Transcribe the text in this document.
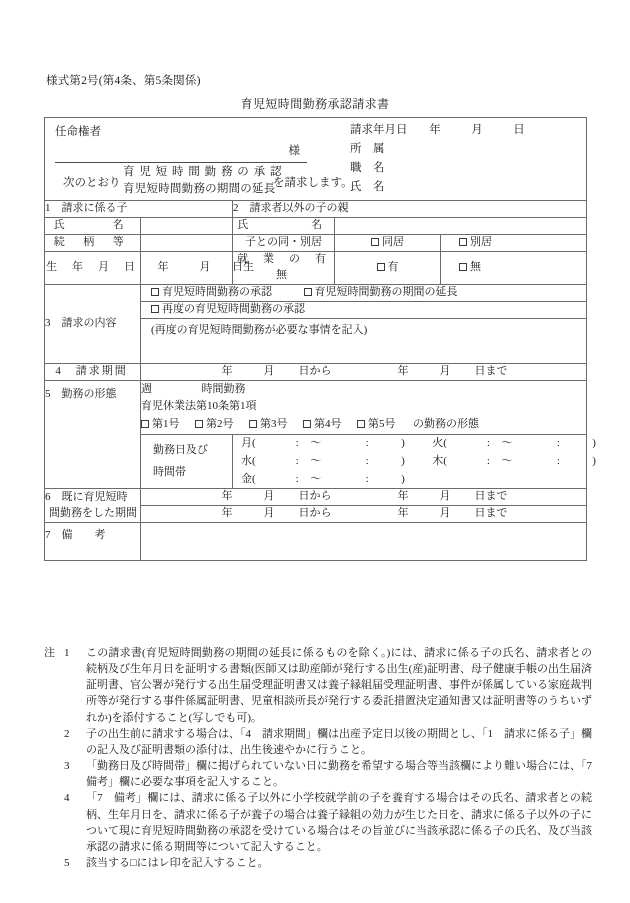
様式第2号(第4条、第5条関係)
育児短時間勤務承認請求書
任命権者
様
次のとおり
育児短時間勤務の承認
育児短時間勤務の期間の延長
を請求します。
請求年月日 年	月	日
所　属
職　名
氏　名

1　請求に係る子		2　請求者以外の子の親		
氏　　　名		氏　　　　名		
続　柄　等		子との同・別居	同居	別居
生　年　月　日	年 月 日生	就　業　の　有　無	有	無
3　請求の内容	育児短時間勤務の承認 育児短時間勤務の期間の延長			
	再度の育児短時間勤務の承認			
	(再度の育児短時間勤務が必要な事情を記入)			
4　請求期間	年 月 日から 年 月 日まで			
5　勤務の形態	週 時間勤務
育児休業法第10条第1項
第1号 第2号 第3号 第4号 第5号 の勤務の形態			

勤務日及び
時間帯

月(	: ～	:	)	火(	: ～	:	)
水(	: ～	:	)	木(	: ～	:	)
金(	: ～	:	)

6　既に育児短時	年 月 日から 年 月 日まで			
間勤務をした期間	年 月 日から 年 月 日まで			
7　備　　考				
注 1	この請求書(育児短時間勤務の期間の延長に係るものを除く。)には、請求に係る子の氏名、請求者との続柄及び生年月日を証明する書類(医師又は助産師が発行する出生(産)証明書、母子健康手帳の出生届済証明書、官公署が発行する出生届受理証明書又は養子縁組届受理証明書、事件が係属している家庭裁判所等が発行する事件係属証明書、児童相談所長が発行する委託措置決定通知書又は証明書等のうちいずれか)を添付すること(写しでも可)。
2	子の出生前に請求する場合は、「4　請求期間」欄は出産予定日以後の期間とし、「1　請求に係る子」欄の記入及び証明書類の添付は、出生後速やかに行うこと。
3	「勤務日及び時間帯」欄に掲げられていない日に勤務を希望する場合等当該欄により難い場合には、「7　備考」欄に必要な事項を記入すること。
4	「7　備考」欄には、請求に係る子以外に小学校就学前の子を養育する場合はその氏名、請求者との続柄、生年月日を、請求に係る子が養子の場合は養子縁組の効力が生じた日を、請求に係る子以外の子について現に育児短時間勤務の承認を受けている場合はその旨並びに当該承認に係る子の氏名、及び当該承認の請求に係る期間等について記入すること。
5	該当する□にはレ印を記入すること。
